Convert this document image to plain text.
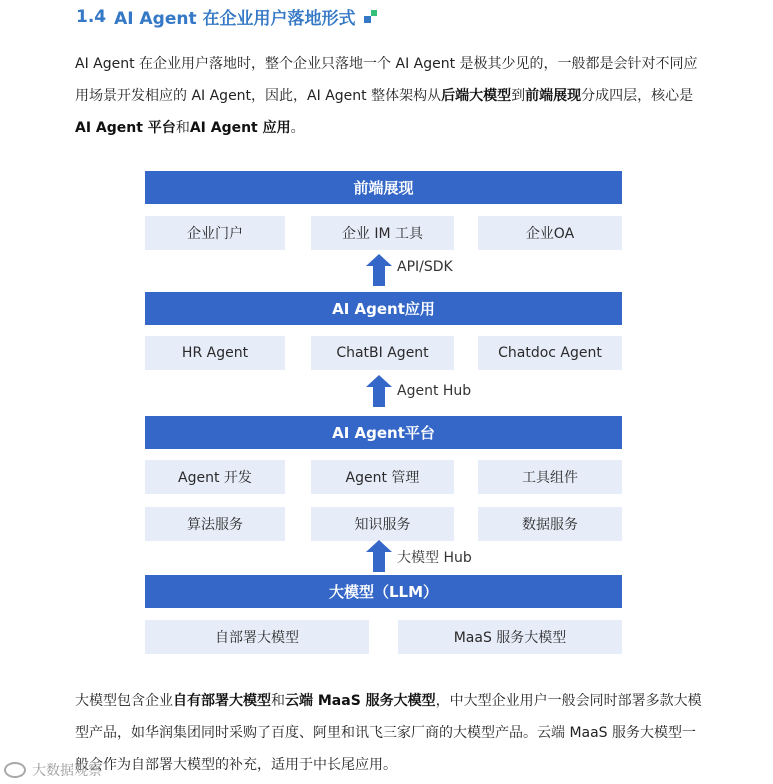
1.4 AI Agent 在企业用户落地形式

AI Agent 在企业用户落地时，整个企业只落地一个 AI Agent 是极其少见的，一般都是会针对不同应用场景开发相应的 AI Agent，因此，AI Agent 整体架构从后端大模型到前端展现分成四层，核心是
AI Agent 平台和AI Agent 应用。

前端展现
企业门户	企业 IM 工具	企业OA
API/SDK
AI Agent应用
HR Agent	ChatBI Agent	Chatdoc Agent
Agent Hub
AI Agent平台
Agent 开发	Agent 管理	工具组件
算法服务	知识服务	数据服务
大模型 Hub
大模型（LLM）
自部署大模型	MaaS 服务大模型

大模型包含企业自有部署大模型和云端 MaaS 服务大模型，中大型企业用户一般会同时部署多款大模型产品，如华润集团同时采购了百度、阿里和讯飞三家厂商的大模型产品。云端 MaaS 服务大模型一般会作为自部署大模型的补充，适用于中长尾应用。

大数据观察
